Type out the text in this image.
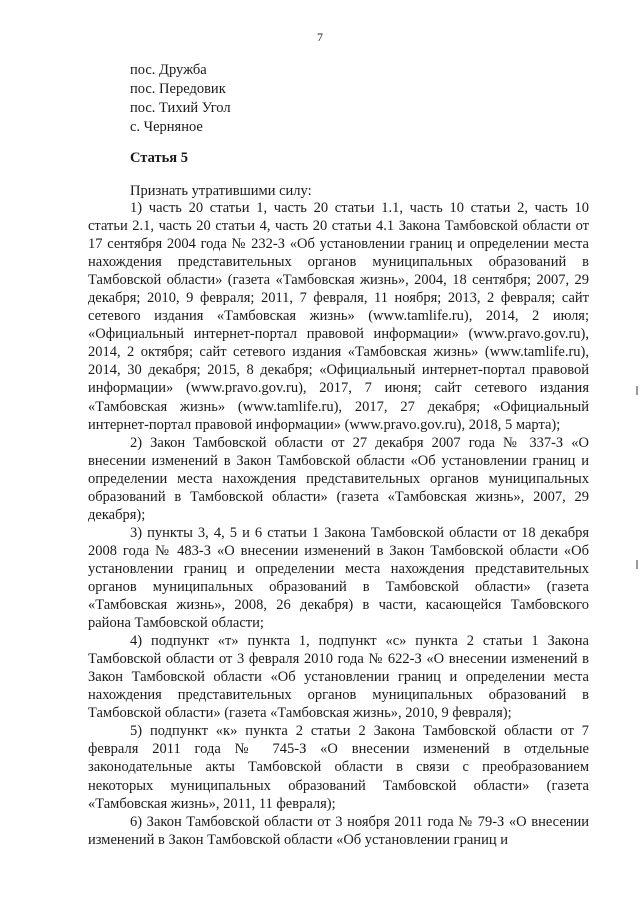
7
пос. Дружба
пос. Передовик
пос. Тихий Угол
с. Черняное
Статья 5
Признать утратившими силу:

1) часть 20 статьи 1, часть 20 статьи 1.1, часть 10 статьи 2, часть 10 статьи 2.1, часть 20 статьи 4, часть 20 статьи 4.1 Закона Тамбовской области от 17 сентября 2004 года № 232-З «Об установлении границ и определении места нахождения представительных органов муниципальных образований в Тамбовской области» (газета «Тамбовская жизнь», 2004, 18 сентября; 2007, 29 декабря; 2010, 9 февраля; 2011, 7 февраля, 11 ноября; 2013, 2 февраля; сайт сетевого издания «Тамбовская жизнь» (www.tamlife.ru), 2014, 2 июля; «Официальный интернет-портал правовой информации» (www.pravo.gov.ru), 2014, 2 октября; сайт сетевого издания «Тамбовская жизнь» (www.tamlife.ru), 2014, 30 декабря; 2015, 8 декабря; «Официальный интернет-портал правовой информации» (www.pravo.gov.ru), 2017, 7 июня; сайт сетевого издания «Тамбовская жизнь» (www.tamlife.ru), 2017, 27 декабря; «Официальный интернет-портал правовой информации» (www.pravo.gov.ru), 2018, 5 марта);

2) Закон Тамбовской области от 27 декабря 2007 года № 337-З «О внесении изменений в Закон Тамбовской области «Об установлении границ и определении места нахождения представительных органов муниципальных образований в Тамбовской области» (газета «Тамбовская жизнь», 2007, 29 декабря);

3) пункты 3, 4, 5 и 6 статьи 1 Закона Тамбовской области от 18 декабря 2008 года № 483-З «О внесении изменений в Закон Тамбовской области «Об установлении границ и определении места нахождения представительных органов муниципальных образований в Тамбовской области» (газета «Тамбовская жизнь», 2008, 26 декабря) в части, касающейся Тамбовского района Тамбовской области;

4) подпункт «т» пункта 1, подпункт «с» пункта 2 статьи 1 Закона Тамбовской области от 3 февраля 2010 года № 622-З «О внесении изменений в Закон Тамбовской области «Об установлении границ и определении места нахождения представительных органов муниципальных образований в Тамбовской области» (газета «Тамбовская жизнь», 2010, 9 февраля);

5) подпункт «к» пункта 2 статьи 2 Закона Тамбовской области от 7 февраля 2011 года № 745-З «О внесении изменений в отдельные законодательные акты Тамбовской области в связи с преобразованием некоторых муниципальных образований Тамбовской области» (газета «Тамбовская жизнь», 2011, 11 февраля);

6) Закон Тамбовской области от 3 ноября 2011 года № 79-З «О внесении изменений в Закон Тамбовской области «Об установлении границ и
